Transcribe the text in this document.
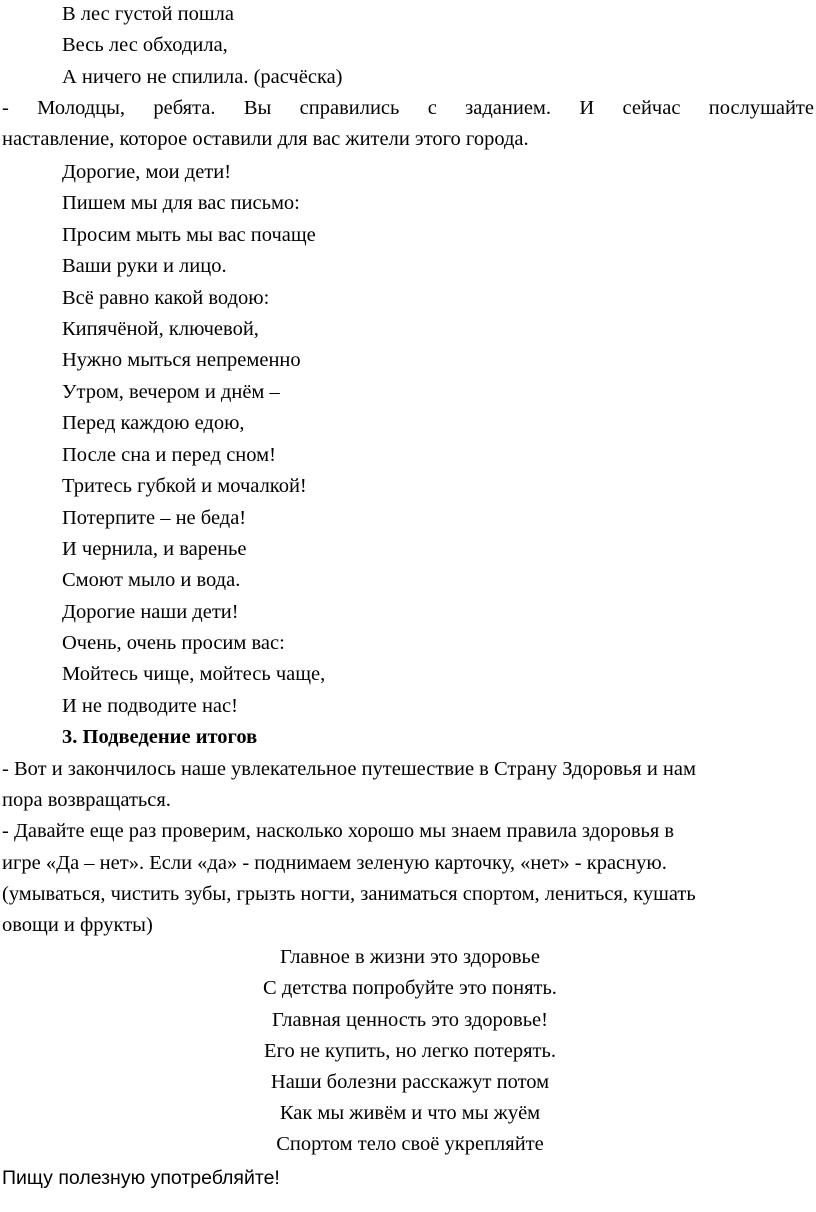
В лес густой пошла
Весь лес обходила,
А ничего не спилила. (расчёска)
- Молодцы, ребята. Вы справились с заданием. И сейчас послушайте
наставление, которое оставили для вас жители этого города.
Дорогие, мои дети!
Пишем мы для вас письмо:
Просим мыть мы вас почаще
Ваши руки и лицо.
Всё равно какой водою:
Кипячёной, ключевой,
Нужно мыться непременно
Утром, вечером и днём –
Перед каждою едою,
После сна и перед сном!
Тритесь губкой и мочалкой!
Потерпите – не беда!
И чернила, и варенье
Смоют мыло и вода.
Дорогие наши дети!
Очень, очень просим вас:
Мойтесь чище, мойтесь чаще,
И не подводите нас!
3. Подведение итогов
- Вот и закончилось наше увлекательное путешествие в Страну Здоровья и нам
пора возвращаться.
- Давайте еще раз проверим, насколько хорошо мы знаем правила здоровья в
игре «Да – нет». Если «да» - поднимаем зеленую карточку, «нет» - красную.
(умываться, чистить зубы, грызть ногти, заниматься спортом, лениться, кушать
овощи и фрукты)
Главное в жизни это здоровье
С детства попробуйте это понять.
Главная ценность это здоровье!
Его не купить, но легко потерять.
Наши болезни расскажут потом
Как мы живём и что мы жуём
Спортом тело своё укрепляйте
Пищу полезную употребляйте!
